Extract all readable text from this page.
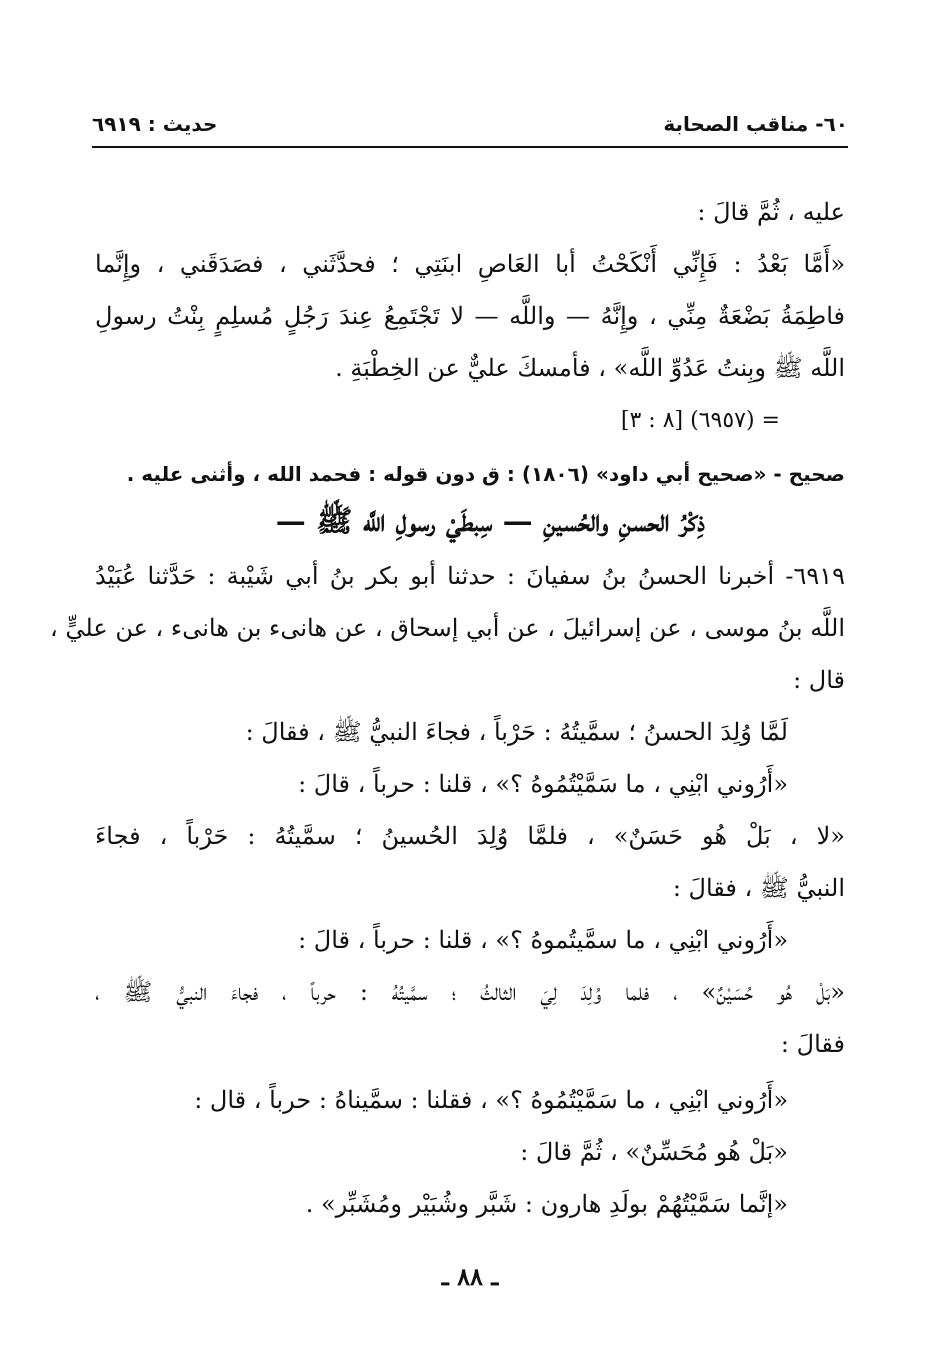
٦٠- مناقب الصحابة
حديث : ٦٩١٩
عليه ، ثُمَّ قالَ :
«أَمَّا بَعْدُ : فَإِنِّي أَنْكَحْتُ أبا العَاصِ ابنَتِي ؛ فحدَّثَني ، فصَدَقَني ، وإِنَّما
فاطِمَةُ بَضْعَةٌ مِنِّي ، وإِنَّهُ — واللَّه — لا تَجْتَمِعُ عِندَ رَجُلٍ مُسلِمٍ بِنْتُ رسولِ
اللَّه ﷺ وبِنتُ عَدُوِّ اللَّه» ، فأمسكَ عليٌّ عن الخِطْبَةِ .
= (٦٩٥٧) [٨ : ٣]
صحيح - «صحيح أبي داود» (١٨٠٦) : ق دون قوله : فحمد الله ، وأثنى عليه .
ذِكْرُ الحسنِ والحُسينِ — سِبطَيْ رسولِ اللَّه ﷺ —
٦٩١٩- أخبرنا الحسنُ بنُ سفيانَ : حدثنا أبو بكر بنُ أبي شَيْبة : حَدَّثنا عُبَيْدُ
اللَّه بنُ موسى ، عن إسرائيلَ ، عن أبي إسحاق ، عن هانىء بن هانىء ، عن عليٍّ ،
قال :
لَمَّا وُلِدَ الحسنُ ؛ سمَّيتُهُ : حَرْباً ، فجاءَ النبيُّ ﷺ ، فقالَ :
«أَرُوني ابْنِي ، ما سَمَّيْتُمُوهُ ؟» ، قلنا : حرباً ، قالَ :
«لا ، بَلْ هُو حَسَنٌ» ، فلمَّا وُلِدَ الحُسينُ ؛ سمَّيتُهُ : حَرْباً ، فجاءَ
النبيُّ ﷺ ، فقالَ :
«أَرُوني ابْنِي ، ما سمَّيتُموهُ ؟» ، قلنا : حرباً ، قالَ :
«بَلْ هُو حُسَيْنٌ» ، فلما وُلِدَ لِيَ الثالثُ ؛ سمَّيتُهُ : حرباً ، فجاءَ النبيُّ ﷺ ،
فقالَ :
«أَرُوني ابْنِي ، ما سَمَّيْتُمُوهُ ؟» ، فقلنا : سمَّيناهُ : حرباً ، قال :
«بَلْ هُو مُحَسِّنٌ» ، ثُمَّ قالَ :
«إنَّما سَمَّيْتُهُمْ بولَدِ هارون : شَبَّر وشُبَيْر ومُشَبِّر» .
ـ ٨٨ ـ
